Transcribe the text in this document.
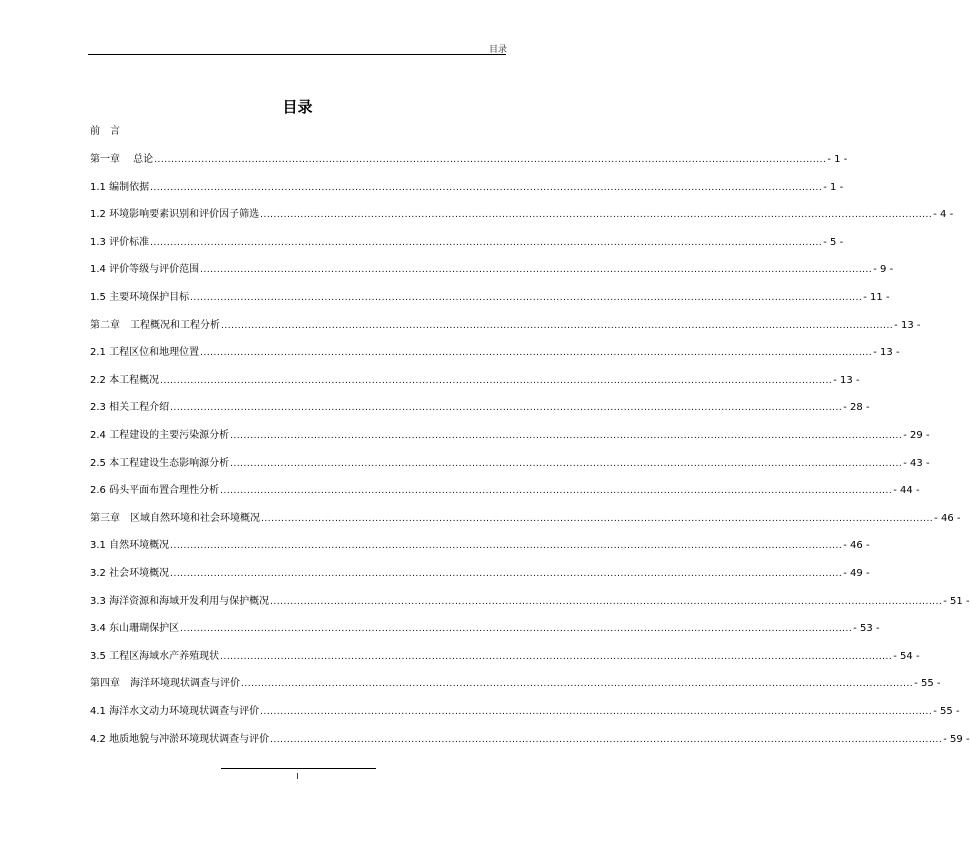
目录
目录
前　言
第一章　 总论 ........................................................................................................................................................................................................ - 1 -
1.1 编制依据 ........................................................................................................................................................................................................ - 1 -
1.2 环境影响要素识别和评价因子筛选 ........................................................................................................................................................................................................ - 4 -
1.3 评价标准 ........................................................................................................................................................................................................ - 5 -
1.4 评价等级与评价范围 ........................................................................................................................................................................................................ - 9 -
1.5 主要环境保护目标 ........................................................................................................................................................................................................ - 11 -
第二章　工程概况和工程分析 ........................................................................................................................................................................................................ - 13 -
2.1 工程区位和地理位置 ........................................................................................................................................................................................................ - 13 -
2.2 本工程概况 ........................................................................................................................................................................................................ - 13 -
2.3 相关工程介绍 ........................................................................................................................................................................................................ - 28 -
2.4 工程建设的主要污染源分析 ........................................................................................................................................................................................................ - 29 -
2.5 本工程建设生态影响源分析 ........................................................................................................................................................................................................ - 43 -
2.6 码头平面布置合理性分析 ........................................................................................................................................................................................................ - 44 -
第三章　区域自然环境和社会环境概况 ........................................................................................................................................................................................................ - 46 -
3.1 自然环境概况 ........................................................................................................................................................................................................ - 46 -
3.2 社会环境概况 ........................................................................................................................................................................................................ - 49 -
3.3 海洋资源和海域开发利用与保护概况 ........................................................................................................................................................................................................ - 51 -
3.4 东山珊瑚保护区 ........................................................................................................................................................................................................ - 53 -
3.5 工程区海域水产养殖现状 ........................................................................................................................................................................................................ - 54 -
第四章　海洋环境现状调查与评价 ........................................................................................................................................................................................................ - 55 -
4.1 海洋水文动力环境现状调查与评价 ........................................................................................................................................................................................................ - 55 -
4.2 地质地貌与冲淤环境现状调查与评价 ........................................................................................................................................................................................................ - 59 -
I
